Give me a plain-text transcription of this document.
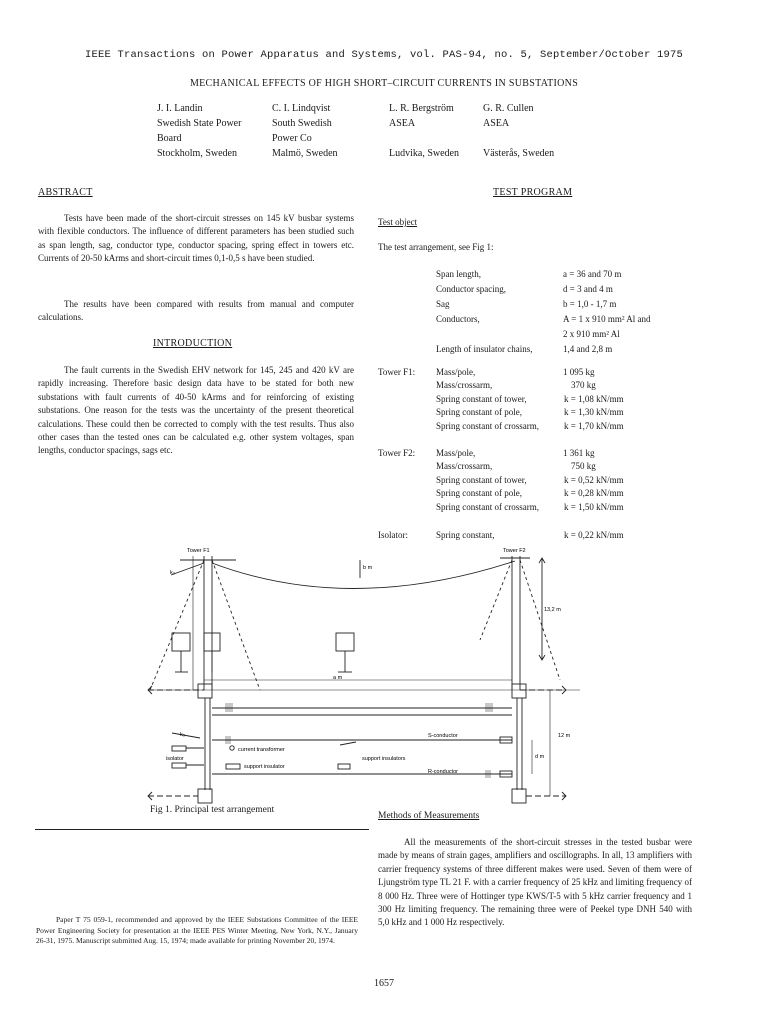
IEEE Transactions on Power Apparatus and Systems, vol. PAS-94, no. 5, September/October 1975
MECHANICAL EFFECTS OF HIGH SHORT–CIRCUIT CURRENTS IN SUBSTATIONS
J. I. Landin
Swedish State Power
Board
Stockholm, Sweden
C. I. Lindqvist
South Swedish
Power Co
Malmö, Sweden
L. R. Bergström
ASEA
Ludvika, Sweden
G. R. Cullen
ASEA
Västerås, Sweden
ABSTRACT
Tests have been made of the short-circuit stresses on 145 kV busbar systems with flexible conductors. The influence of different parameters has been studied such as span length, sag, conductor type, conductor spacing, spring effect in towers etc. Currents of 20-50 kArms and short-circuit times 0,1-0,5 s have been studied.
The results have been compared with results from manual and computer calculations.
INTRODUCTION
The fault currents in the Swedish EHV network for 145, 245 and 420 kV are rapidly increasing. Therefore basic design data have to be stated for both new substations with fault currents of 40-50 kArms and for reinforcing of existing substations. One reason for the tests was the uncertainty of the present theoretical calculations. These could then be corrected to comply with the test results. Thus also other cases than the tested ones can be calculated e.g. other system voltages, span lengths, conductor spacings, sags etc.
TEST PROGRAM
Test object
The test arrangement, see Fig 1:
Span length,	a = 36 and 70 m
Conductor spacing,	d = 3 and 4 m
Sag	b = 1,0 - 1,7 m
Conductors,	A = 1 x 910 mm² Al and
2 x 910 mm² Al
Length of insulator chains,	1,4 and 2,8 m
Tower F1: Mass/pole,	1 095 kg
Mass/crossarm,	370 kg
Spring constant of tower,	k = 1,08 kN/mm
Spring constant of pole,	k = 1,30 kN/mm
Spring constant of crossarm,	k = 1,70 kN/mm
Tower F2: Mass/pole,	1 361 kg
Mass/crossarm,	750 kg
Spring constant of tower,	k = 0,52 kN/mm
Spring constant of pole,	k = 0,28 kN/mm
Spring constant of crossarm,	k = 1,50 kN/mm
Isolator:	Spring constant,	k = 0,22 kN/mm
Tower F1	Tower F2
k₂
b m
13,2 m
a m
k₃	S-conductor
R-conductor
12 m
d m
isolator
current transformer
support insulator
support insulators
Fig 1. Principal test arrangement
Methods of Measurements
All the measurements of the short-circuit stresses in the tested busbar were made by means of strain gages, amplifiers and oscillographs. In all, 13 amplifiers with carrier frequency systems of three different makes were used. Seven of them were of Ljungström type TL 21 F. with a carrier frequency of 25 kHz and limiting frequency of 8 000 Hz. Three were of Hottinger type KWS/T-5 with 5 kHz carrier frequency and 1 300 Hz limiting frequency. The remaining three were of Peekel type DNH 540 with 5,0 kHz and 1 000 Hz respectively.
Paper T 75 059-1, recommended and approved by the IEEE Substations Committee of the IEEE Power Engineering Society for presentation at the IEEE PES Winter Meeting, New York, N.Y., January 26-31, 1975. Manuscript submitted Aug. 15, 1974; made available for printing November 20, 1974.
1657
